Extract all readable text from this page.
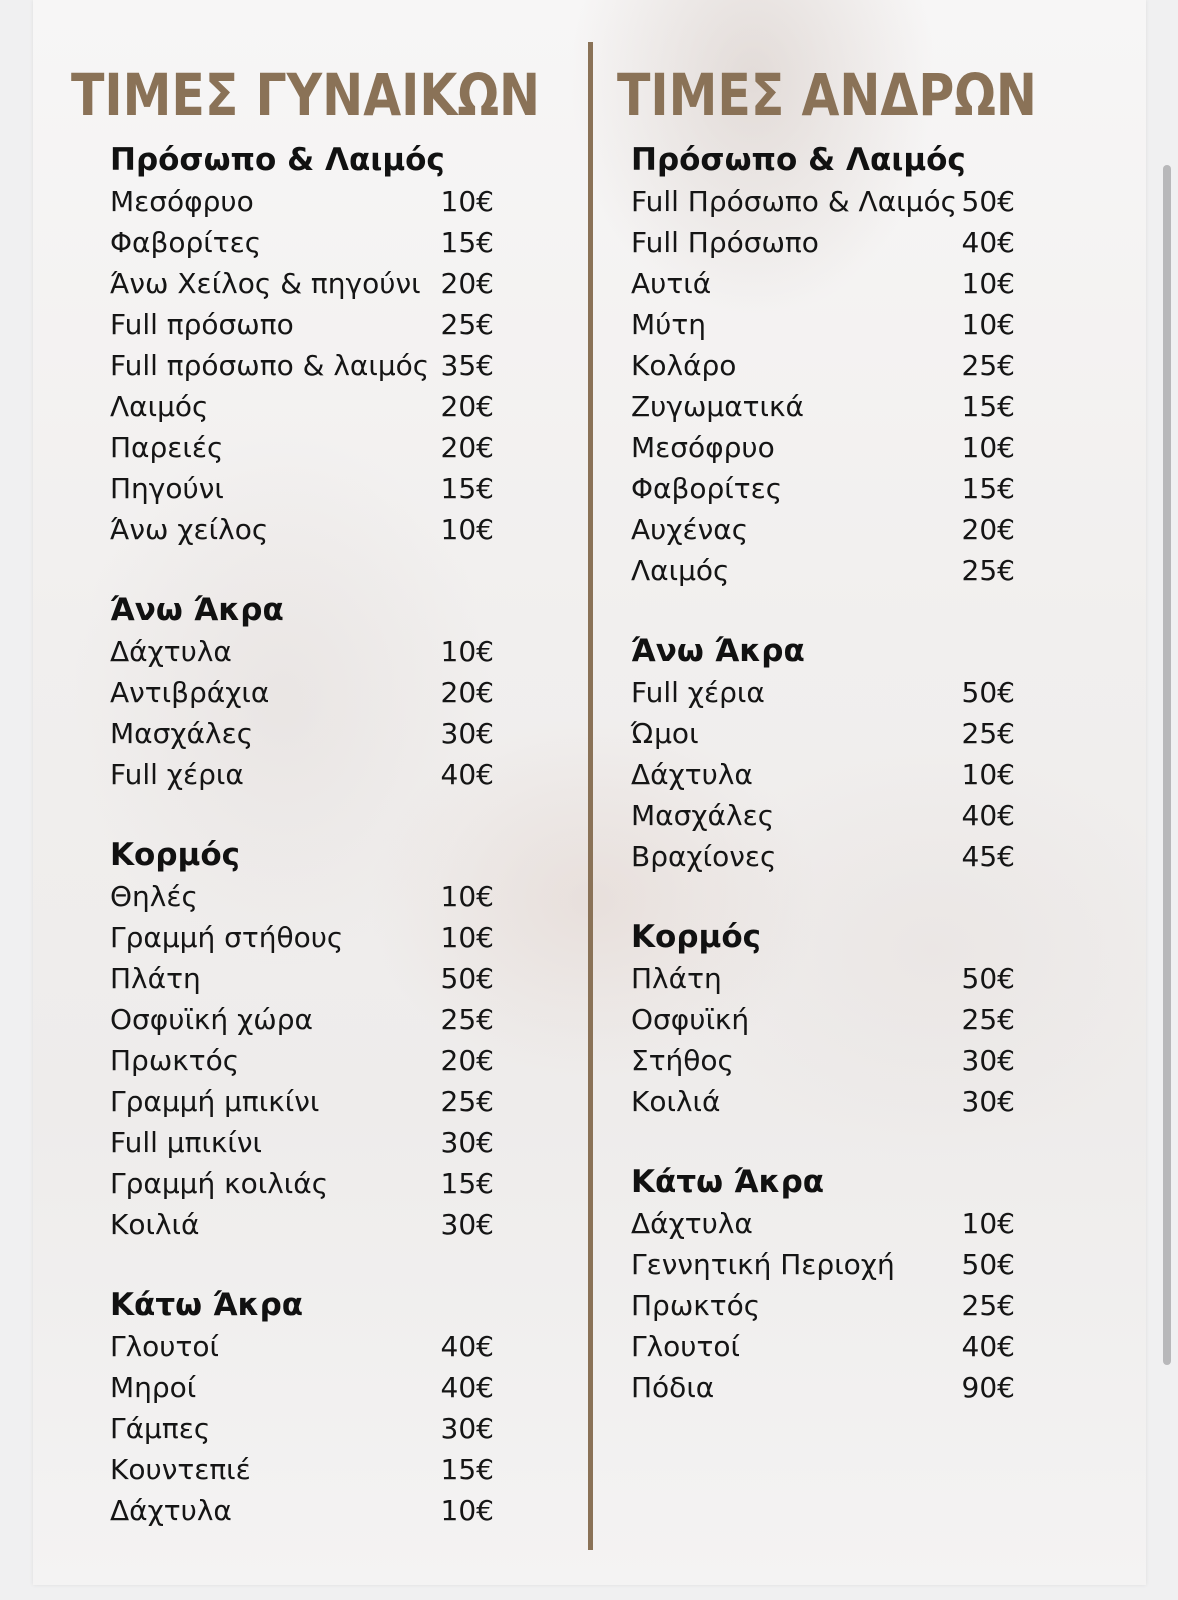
ΤΙΜΕΣ ΓΥΝΑΙΚΩΝ ΤΙΜΕΣ ΑΝΔΡΩΝ
Πρόσωπο & Λαιμός
Μεσόφρυο	10€
Φαβορίτες	15€
Άνω Χείλος & πηγούνι 20€
Full πρόσωπο	25€
Full πρόσωπο & λαιμός 35€
Λαιμός	20€
Παρειές	20€
Πηγούνι	15€
Άνω χείλος	10€
Άνω Άκρα
Δάχτυλα	10€
Αντιβράχια	20€
Μασχάλες	30€
Full χέρια	40€
Κορμός
Θηλές	10€
Γραμμή στήθους	10€
Πλάτη	50€
Οσφυϊκή χώρα	25€
Πρωκτός	20€
Γραμμή μπικίνι	25€
Full μπικίνι	30€
Γραμμή κοιλιάς	15€
Κοιλιά	30€
Κάτω Άκρα
Γλουτοί	40€
Μηροί	40€
Γάμπες	30€
Κουντεπιέ	15€
Δάχτυλα	10€
Πρόσωπο & Λαιμός
Full Πρόσωπο & Λαιμός 50€
Full Πρόσωπο	40€
Αυτιά	10€
Μύτη	10€
Κολάρο	25€
Ζυγωματικά	15€
Μεσόφρυο	10€
Φαβορίτες	15€
Αυχένας	20€
Λαιμός	25€
Άνω Άκρα
Full χέρια	50€
Ώμοι	25€
Δάχτυλα	10€
Μασχάλες	40€
Βραχίονες	45€
Κορμός
Πλάτη	50€
Οσφυϊκή	25€
Στήθος	30€
Κοιλιά	30€
Κάτω Άκρα
Δάχτυλα	10€
Γεννητική Περιοχή 50€
Πρωκτός	25€
Γλουτοί	40€
Πόδια	90€
